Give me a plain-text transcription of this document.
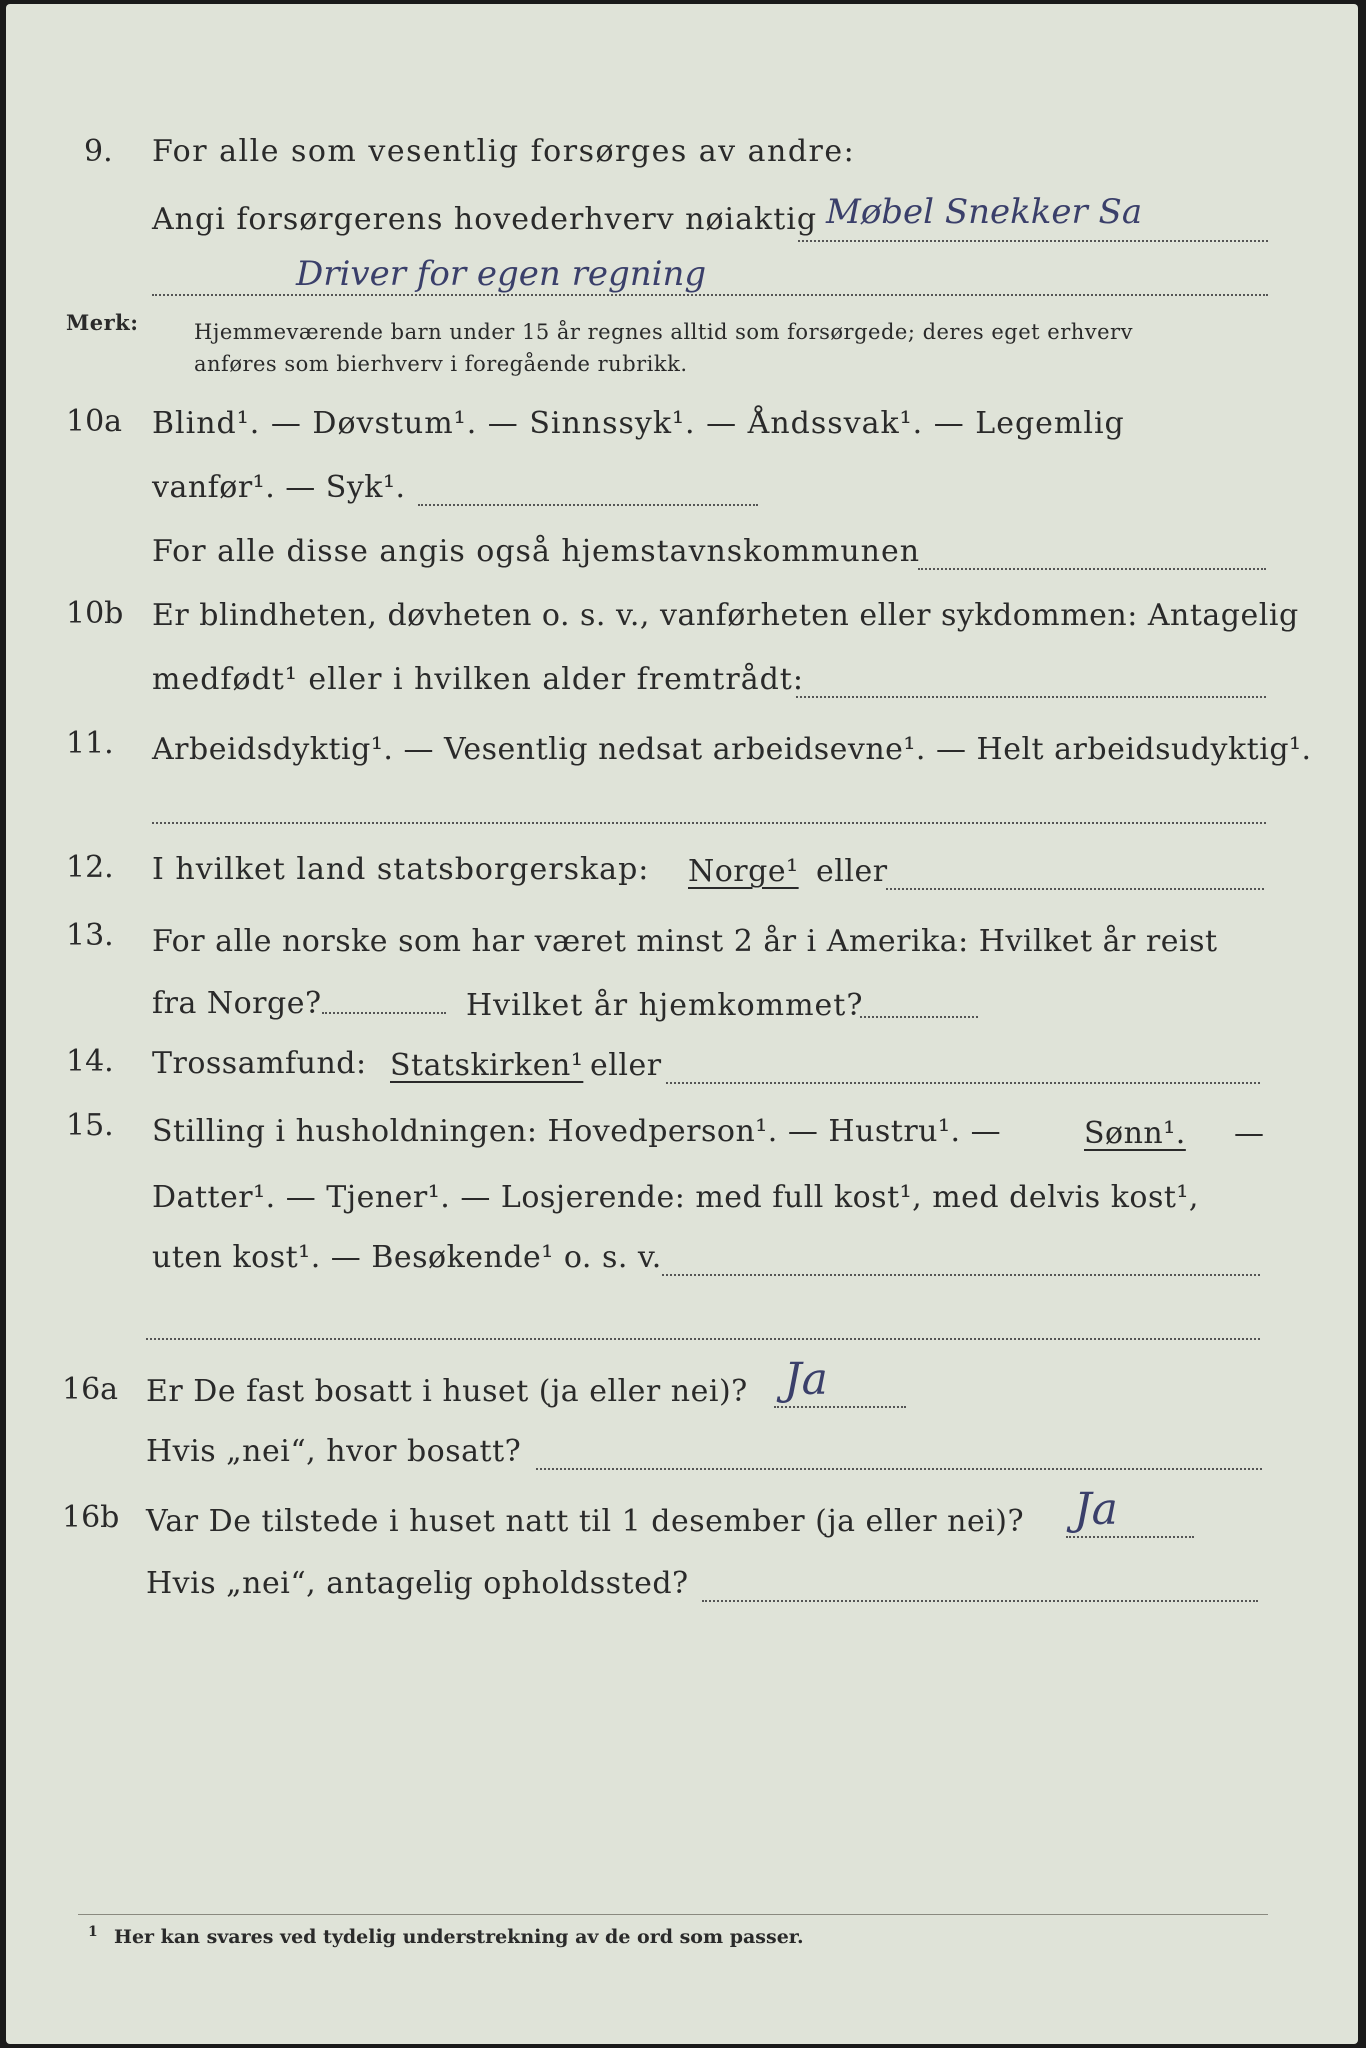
9. For alle som vesentlig forsørges av andre:
Angi forsørgerens hovederhverv nøiaktig Møbel Snekker Sa
Driver for egen regning
Merk:	Hjemmeværende barn under 15 år regnes alltid som forsørgede; deres eget erhverv
anføres som bierhverv i foregående rubrikk.
10a Blind¹. — Døvstum¹. — Sinnssyk¹. — Åndssvak¹. — Legemlig
vanfør¹. — Syk¹.
For alle disse angis også hjemstavnskommunen
10b Er blindheten, døvheten o. s. v., vanførheten eller sykdommen: Antagelig
medfødt¹ eller i hvilken alder fremtrådt:
11. Arbeidsdyktig¹. — Vesentlig nedsat arbeidsevne¹. — Helt arbeidsudyktig¹.
12. I hvilket land statsborgerskap: Norge¹ eller
13. For alle norske som har været minst 2 år i Amerika: Hvilket år reist
fra Norge?	Hvilket år hjemkommet?
14. Trossamfund: Statskirken¹ eller
15. Stilling i husholdningen: Hovedperson¹. — Hustru¹. —	Sønn¹. —
Datter¹. — Tjener¹. — Losjerende: med full kost¹, med delvis kost¹,
uten kost¹. — Besøkende¹ o. s. v.
16a Er De fast bosatt i huset (ja eller nei)? Ja
Hvis „nei“, hvor bosatt?
16b Var De tilstede i huset natt til 1 desember (ja eller nei)? Ja
Hvis „nei“, antagelig opholdssted?
1 Her kan svares ved tydelig understrekning av de ord som passer.
